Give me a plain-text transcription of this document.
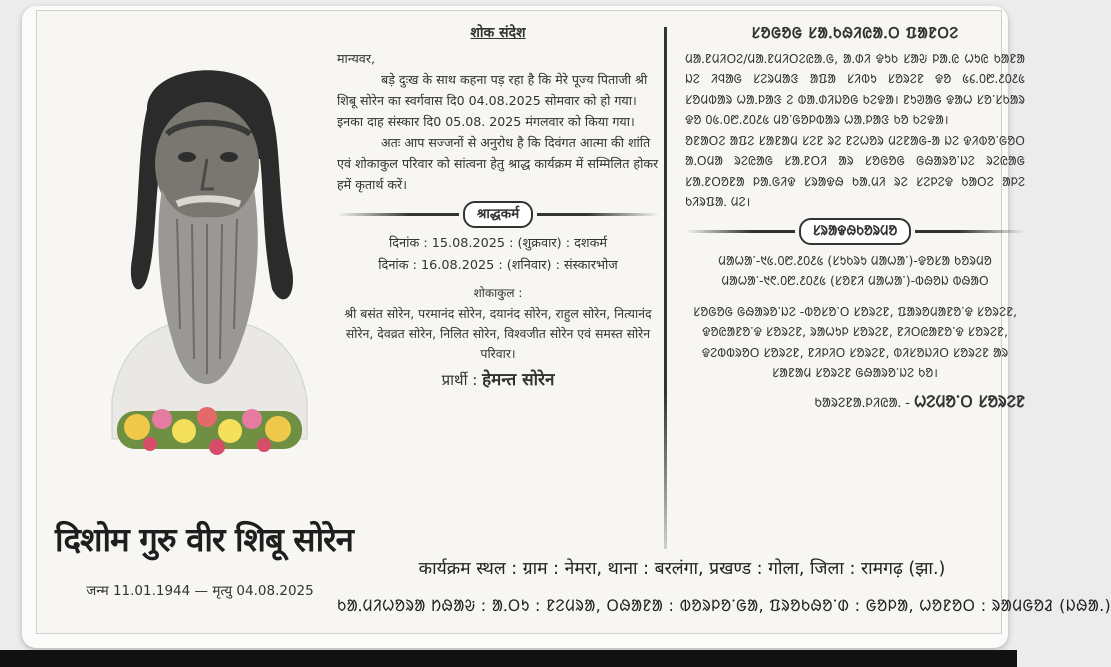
दिशोम गुरु वीर शिबू सोरेन
जन्म 11.01.1944 — मृत्यु 04.08.2025
शोक संदेश

मान्यवर,

बड़े दुःख के साथ कहना पड़ रहा है कि मेरे पूज्य पिताजी श्री शिबू सोरेन का स्वर्गवास दि0 04.08.2025 सोमवार को हो गया। इनका दाह संस्कार दि0 05.08. 2025 मंगलवार को किया गया।

अतः आप सज्जनों से अनुरोध है कि दिवंगत आत्मा की शांति एवं शोकाकुल परिवार को सांत्वना हेतु श्राद्ध कार्यक्रम में सम्मिलित होकर हमें कृतार्थ करें।

श्राद्धकर्म
दिनांक : 15.08.2025 : (शुक्रवार) : दशकर्म
दिनांक : 16.08.2025 : (शनिवार) : संस्कारभोज
शोकाकुल :
श्री बसंत सोरेन, परमानंद सोरेन, दयानंद सोरेन, राहुल सोरेन, नित्यानंद सोरेन, देवव्रत सोरेन, निलित सोरेन, विश्वजीत सोरेन एवं समस्त सोरेन परिवार।
प्रार्थी : हेमन्त सोरेन
ᱥᱚᱜᱚᱜ ᱥᱟᱹᱠᱷᱤᱭᱟᱹᱛ ᱯᱟᱱᱛᱮ
ᱢᱟᱹᱱᱢᱤᱛᱮ/ᱢᱟᱹᱱᱢᱤᱛᱮᱭᱟᱹᱜ, ᱟᱹᱰᱤ ᱫᱩᱠ ᱥᱟᱶ ᱞᱟᱹᱭ ᱦᱩᱭ ᱠᱟᱱᱟ ᱡᱮ ᱤᱧᱟᱜ ᱥᱮᱨᱢᱟᱝ ᱟᱯᱟ ᱥᱤᱵᱩ ᱥᱚᱨᱮᱱ ᱫᱚ ᱕᱔.᱐᱘.᱒᱐᱒᱕ ᱥᱚᱢᱵᱟᱨ ᱦᱟᱹᱞᱟᱝ ᱮ ᱵᱟᱹᱰᱤᱡᱚᱜ ᱠᱮᱫᱟ। ᱱᱩᱣᱟᱜ ᱫᱟᱦ ᱥᱚᱸᱥᱠᱟᱨ ᱫᱚ ᱐᱕.᱐᱘.᱒᱐᱒᱕ ᱢᱚᱸᱜᱚᱞᱵᱟᱨ ᱦᱟᱹᱞᱟᱝ ᱠᱚ ᱠᱮᱫᱟ।
ᱚᱱᱟᱛᱮ ᱟᱯᱮ ᱥᱟᱱᱟᱢ ᱥᱮᱱ ᱨᱮ ᱱᱮᱦᱚᱨ ᱢᱮᱱᱟᱜ-ᱟ ᱡᱮ ᱫᱤᱵᱚᱸᱜᱚᱛ ᱟᱹᱛᱢᱟ ᱨᱮᱭᱟᱜ ᱥᱟᱹᱱᱛᱤ ᱟᱨ ᱥᱚᱜᱚᱜ ᱜᱷᱟᱨᱚᱸᱡᱮ ᱨᱮᱭᱟᱜ ᱥᱟᱹᱱᱛᱚᱱᱟ ᱞᱟᱹᱜᱤᱫ ᱥᱨᱟᱫᱷ ᱠᱟᱹᱢᱤ ᱨᱮ ᱥᱮᱞᱮᱫ ᱠᱟᱛᱮ ᱟᱞᱮ ᱠᱤᱨᱯᱟᱹ ᱢᱮ।
ᱥᱨᱟᱫᱷᱠᱚᱨᱢᱚ
ᱢᱟᱦᱟᱸ-᱑᱕.᱐᱘.᱒᱐᱒᱕ (ᱥᱩᱠᱨᱩ ᱢᱟᱦᱟᱸ)-ᱫᱚᱥᱟ ᱠᱚᱨᱢᱚ
ᱢᱟᱦᱟᱸ-᱑᱖.᱐᱘.᱒᱐᱒᱕ (ᱥᱚᱱᱤ ᱢᱟᱦᱟᱸ)-ᱵᱷᱚᱡ ᱵᱷᱟᱛ
ᱥᱚᱜᱚᱜ ᱜᱷᱟᱨᱚᱸᱡᱮ -ᱵᱚᱥᱚᱸᱛ ᱥᱚᱨᱮᱱ, ᱯᱟᱨᱚᱢᱟᱱᱚᱸᱫ ᱥᱚᱨᱮᱱ, ᱫᱚᱭᱟᱱᱚᱸᱫ ᱥᱚᱨᱮᱱ, ᱨᱟᱦᱩᱞ ᱥᱚᱨᱮᱱ, ᱱᱤᱛᱭᱟᱱᱚᱸᱫ ᱥᱚᱨᱮᱱ, ᱫᱮᱵᱵᱨᱚᱛ ᱥᱚᱨᱮᱱ, ᱱᱤᱞᱤᱛ ᱥᱚᱨᱮᱱ, ᱵᱤᱥᱚᱡᱤᱛ ᱥᱚᱨᱮᱱ ᱟᱨ ᱥᱟᱱᱟᱢ ᱥᱚᱨᱮᱱ ᱜᱷᱟᱨᱚᱸᱡᱮ ᱠᱚ।
ᱠᱟᱨᱮᱱᱟᱹᱞᱤᱭᱟᱹ - ᱦᱮᱢᱚᱸᱛ ᱥᱚᱨᱮᱱ
कार्यक्रम स्थल : ग्राम : नेमरा, थाना : बरलंगा, प्रखण्ड : गोला, जिला : रामगढ़ (झा.)
ᱠᱟᱹᱢᱤᱦᱚᱨᱟ ᱴᱷᱟᱶ : ᱟᱹᱛᱩ : ᱱᱮᱢᱨᱟ, ᱛᱷᱟᱱᱟ : ᱵᱚᱨᱞᱚᱸᱜᱟ, ᱯᱨᱚᱠᱷᱚᱸᱰ : ᱜᱚᱞᱟ, ᱦᱚᱱᱚᱛ : ᱨᱟᱢᱜᱚᱲ (ᱡᱷᱟ.)
